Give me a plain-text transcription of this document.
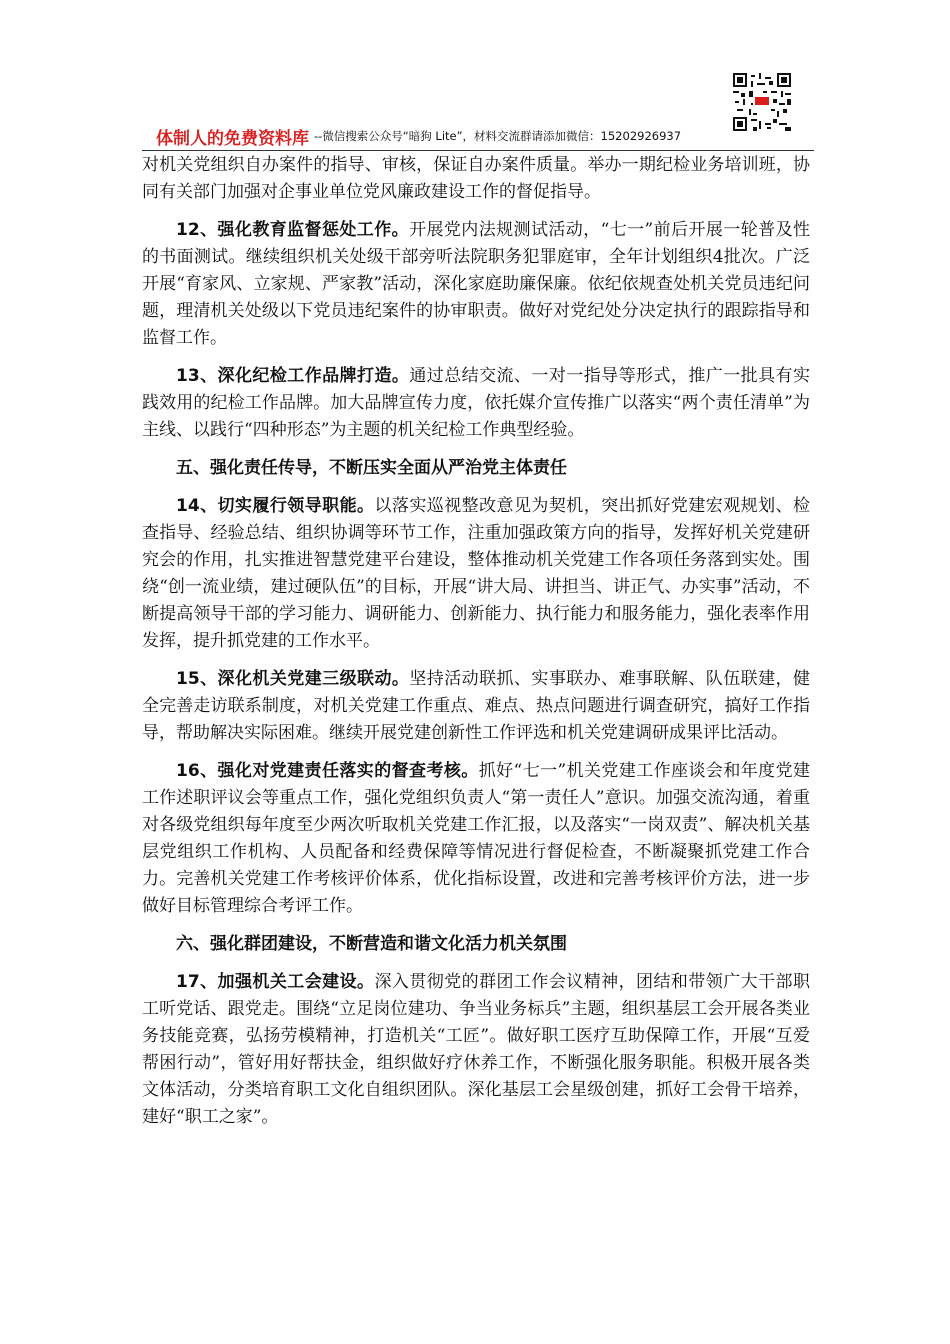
体制人的免费资料库 --微信搜索公众号“暗狗 Lite”，材料交流群请添加微信：15202926937

对机关党组织自办案件的指导、审核，保证自办案件质量。举办一期纪检业务培训班，协同有关部门加强对企事业单位党风廉政建设工作的督促指导。

12、强化教育监督惩处工作。开展党内法规测试活动，“七一”前后开展一轮普及性的书面测试。继续组织机关处级干部旁听法院职务犯罪庭审，全年计划组织4批次。广泛开展“育家风、立家规、严家教”活动，深化家庭助廉保廉。依纪依规查处机关党员违纪问题，理清机关处级以下党员违纪案件的协审职责。做好对党纪处分决定执行的跟踪指导和监督工作。

13、深化纪检工作品牌打造。通过总结交流、一对一指导等形式，推广一批具有实践效用的纪检工作品牌。加大品牌宣传力度，依托媒介宣传推广以落实“两个责任清单”为主线、以践行“四种形态”为主题的机关纪检工作典型经验。

五、强化责任传导，不断压实全面从严治党主体责任

14、切实履行领导职能。以落实巡视整改意见为契机，突出抓好党建宏观规划、检查指导、经验总结、组织协调等环节工作，注重加强政策方向的指导，发挥好机关党建研究会的作用，扎实推进智慧党建平台建设，整体推动机关党建工作各项任务落到实处。围绕“创一流业绩，建过硬队伍”的目标，开展“讲大局、讲担当、讲正气、办实事”活动，不断提高领导干部的学习能力、调研能力、创新能力、执行能力和服务能力，强化表率作用发挥，提升抓党建的工作水平。

15、深化机关党建三级联动。坚持活动联抓、实事联办、难事联解、队伍联建，健全完善走访联系制度，对机关党建工作重点、难点、热点问题进行调查研究，搞好工作指导，帮助解决实际困难。继续开展党建创新性工作评选和机关党建调研成果评比活动。

16、强化对党建责任落实的督查考核。抓好“七一”机关党建工作座谈会和年度党建工作述职评议会等重点工作，强化党组织负责人“第一责任人”意识。加强交流沟通，着重对各级党组织每年度至少两次听取机关党建工作汇报，以及落实“一岗双责”、解决机关基层党组织工作机构、人员配备和经费保障等情况进行督促检查，不断凝聚抓党建工作合力。完善机关党建工作考核评价体系，优化指标设置，改进和完善考核评价方法，进一步做好目标管理综合考评工作。

六、强化群团建设，不断营造和谐文化活力机关氛围

17、加强机关工会建设。深入贯彻党的群团工作会议精神，团结和带领广大干部职工听党话、跟党走。围绕“立足岗位建功、争当业务标兵”主题，组织基层工会开展各类业务技能竞赛，弘扬劳模精神，打造机关“工匠”。做好职工医疗互助保障工作，开展“互爱帮困行动”，管好用好帮扶金，组织做好疗休养工作，不断强化服务职能。积极开展各类文体活动，分类培育职工文化自组织团队。深化基层工会星级创建，抓好工会骨干培养，建好“职工之家”。
